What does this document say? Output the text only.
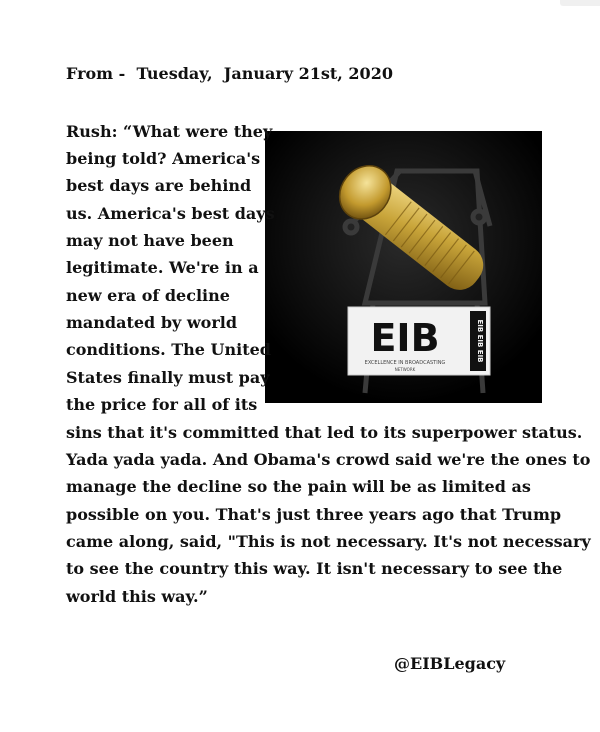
From -  Tuesday,  January 21st, 2020
EIB EIB EIB
EIB
EXCELLENCE IN BROADCASTING
NETWORK
Rush: “What were they
being told? America's
best days are behind
us. America's best days
may not have been
legitimate. We're in a
new era of decline
mandated by world
conditions. The United
States finally must pay
the price for all of its
sins that it's committed that led to its superpower status.
Yada yada yada. And Obama's crowd said we're the ones to
manage the decline so the pain will be as limited as
possible on you. That's just three years ago that Trump
came along, said, "This is not necessary. It's not necessary
to see the country this way. It isn't necessary to see the
world this way.”
@EIBLegacy
